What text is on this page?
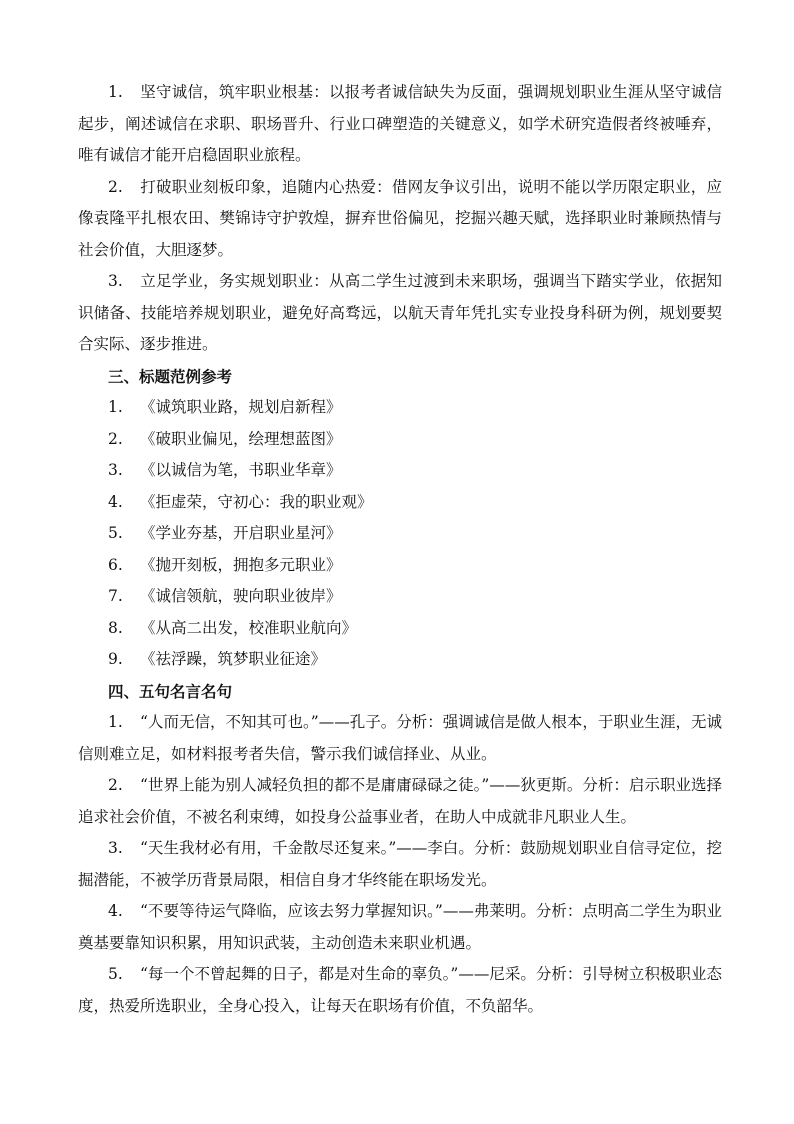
1. 坚守诚信，筑牢职业根基：以报考者诚信缺失为反面，强调规划职业生涯从坚守诚信起步，阐述诚信在求职、职场晋升、行业口碑塑造的关键意义，如学术研究造假者终被唾弃，唯有诚信才能开启稳固职业旅程。

2. 打破职业刻板印象，追随内心热爱：借网友争议引出，说明不能以学历限定职业，应像袁隆平扎根农田、樊锦诗守护敦煌，摒弃世俗偏见，挖掘兴趣天赋，选择职业时兼顾热情与社会价值，大胆逐梦。

3. 立足学业，务实规划职业：从高二学生过渡到未来职场，强调当下踏实学业，依据知识储备、技能培养规划职业，避免好高骛远，以航天青年凭扎实专业投身科研为例，规划要契合实际、逐步推进。

三、标题范例参考

1. 《诚筑职业路，规划启新程》

2. 《破职业偏见，绘理想蓝图》

3. 《以诚信为笔，书职业华章》

4. 《拒虚荣，守初心：我的职业观》

5. 《学业夯基，开启职业星河》

6. 《抛开刻板，拥抱多元职业》

7. 《诚信领航，驶向职业彼岸》

8. 《从高二出发，校准职业航向》

9. 《祛浮躁，筑梦职业征途》

四、五句名言名句

1. “人而无信，不知其可也。”——孔子。分析：强调诚信是做人根本，于职业生涯，无诚信则难立足，如材料报考者失信，警示我们诚信择业、从业。

2. “世界上能为别人减轻负担的都不是庸庸碌碌之徒。”——狄更斯。分析：启示职业选择追求社会价值，不被名利束缚，如投身公益事业者，在助人中成就非凡职业人生。

3. “天生我材必有用，千金散尽还复来。”——李白。分析：鼓励规划职业自信寻定位，挖掘潜能，不被学历背景局限，相信自身才华终能在职场发光。

4. “不要等待运气降临，应该去努力掌握知识。”——弗莱明。分析：点明高二学生为职业奠基要靠知识积累，用知识武装，主动创造未来职业机遇。

5. “每一个不曾起舞的日子，都是对生命的辜负。”——尼采。分析：引导树立积极职业态度，热爱所选职业，全身心投入，让每天在职场有价值，不负韶华。
